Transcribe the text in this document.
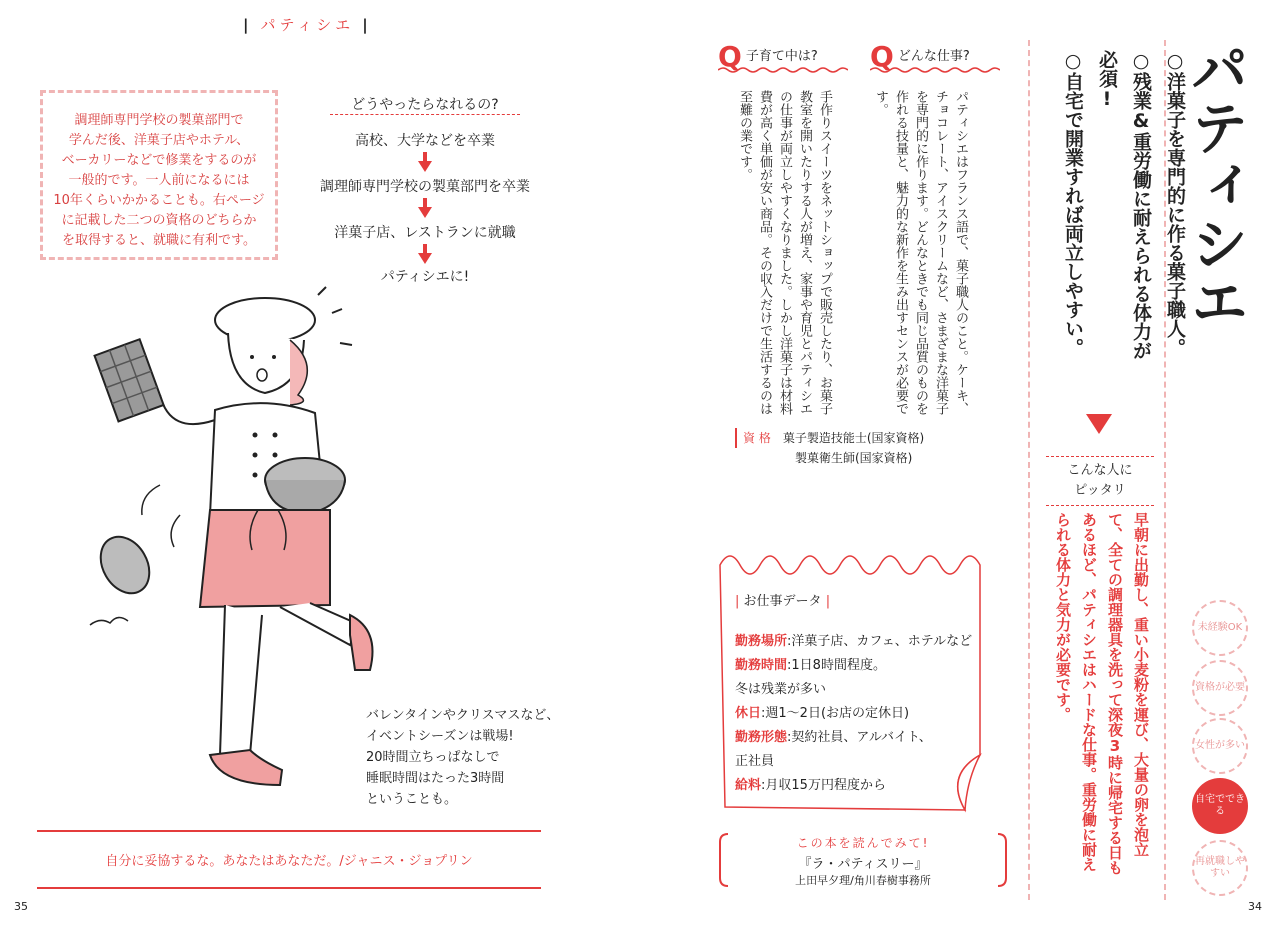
| パティシエ |

調理師専門学校の製菓部門で

学んだ後、洋菓子店やホテル、

ベーカリーなどで修業をするのが

一般的です。一人前になるには

10年くらいかかることも。右ページ

に記載した二つの資格のどちらか

を取得すると、就職に有利です。

どうやったらなれるの?
高校、大学などを卒業
調理師専門学校の製菓部門を卒業
洋菓子店、レストランに就職
パティシエに!

バレンタインやクリスマスなど、

イベントシーズンは戦場!

20時間立ちっぱなしで

睡眠時間はたった3時間

ということも。

自分に妥協するな。あなたはあなただ。/ジャニス・ジョプリン
35
パティシエ
○洋菓子を専門的に作る菓子職人。
○残業&重労働に耐えられる体力が必須!
○自宅で開業すれば両立しやすい。
こんな人に
ピッタリ
早朝に出勤し、重い小麦粉を運び、大量の卵を泡立て、全ての調理器具を洗って深夜3時に帰宅する日もあるほど、パティシエはハードな仕事。重労働に耐えられる体力と気力が必要です。	未経験OK
資格が必要
女性が多い
自宅でできる
再就職しやすい
Qどんな仕事?
Q子育て中は?
パティシエはフランス語で、菓子職人のこと。ケーキ、チョコレート、アイスクリームなど、さまざまな洋菓子を専門的に作ります。どんなときでも同じ品質のものを作れる技量と、魅力的な新作を生み出すセンスが必要です。
手作りスイーツをネットショップで販売したり、お菓子教室を開いたりする人が増え、家事や育児とパティシエの仕事が両立しやすくなりました。しかし洋菓子は材料費が高く単価が安い商品。その収入だけで生活するのは至難の業です。
資 格 菓子製造技能士(国家資格)
製菓衛生師(国家資格)
| お仕事データ |
勤務場所:洋菓子店、カフェ、ホテルなど
勤務時間:1日8時間程度。
冬は残業が多い
休日:週1〜2日(お店の定休日)
勤務形態:契約社員、アルバイト、
正社員
給料:月収15万円程度から
この本を読んでみて!
『ラ・パティスリー』
上田早夕理/角川春樹事務所
34
